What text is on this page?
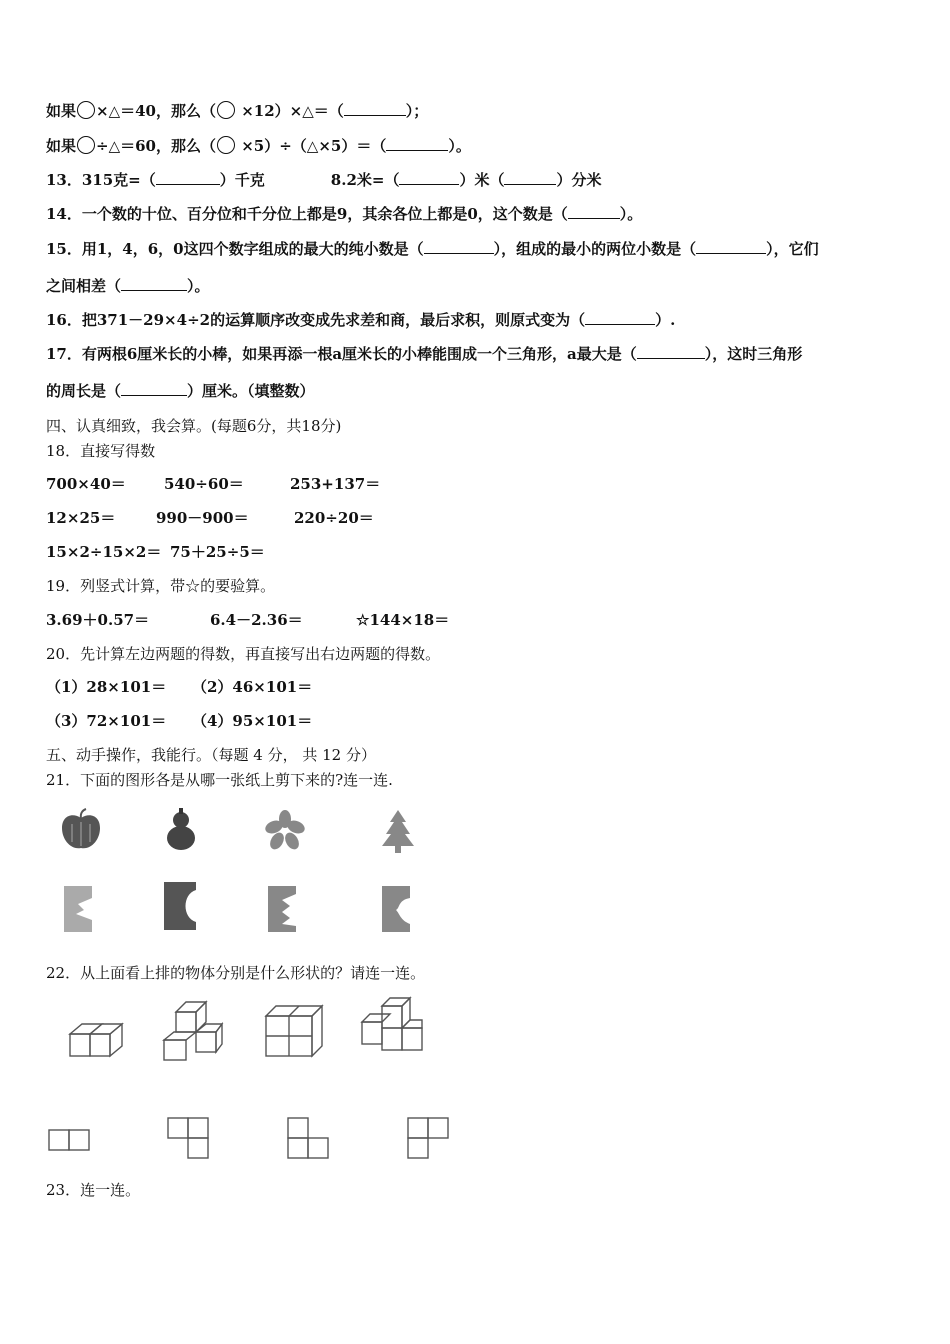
如果 ×△＝40，那么（ ×12）×△＝（	）；
如果 ÷△＝60，那么（ ×5）÷（△×5）＝（	）。
13．315克=（	）千克	8.2米=（	）米（	）分米
14．一个数的十位、百分位和千分位上都是9，其余各位上都是0，这个数是（	）。
15．用1，4，6，0这四个数字组成的最大的纯小数是（	），组成的最小的两位小数是（	），它们
之间相差（	）。
16．把371－29×4÷2的运算顺序改变成先求差和商，最后求积，则原式变为（	）.
17．有两根6厘米长的小棒，如果再添一根a厘米长的小棒能围成一个三角形，a最大是（	），这时三角形
的周长是（	）厘米。（填整数）
四、认真细致，我会算。(每题6分，共18分)
18．直接写得数
700×40＝	540÷60＝	253+137＝
12×25＝	990－900＝	220÷20＝
15×2÷15×2＝ 75＋25÷5＝
19．列竖式计算，带☆的要验算。
3.69＋0.57＝	6.4－2.36＝	☆144×18＝
20．先计算左边两题的得数，再直接写出右边两题的得数。
（1）28×101＝ （2）46×101＝
（3）72×101＝ （4）95×101＝
五、动手操作，我能行。（每题 4 分， 共 12 分）
21．下面的图形各是从哪一张纸上剪下来的?连一连.
22．从上面看上排的物体分别是什么形状的？请连一连。
23．连一连。
